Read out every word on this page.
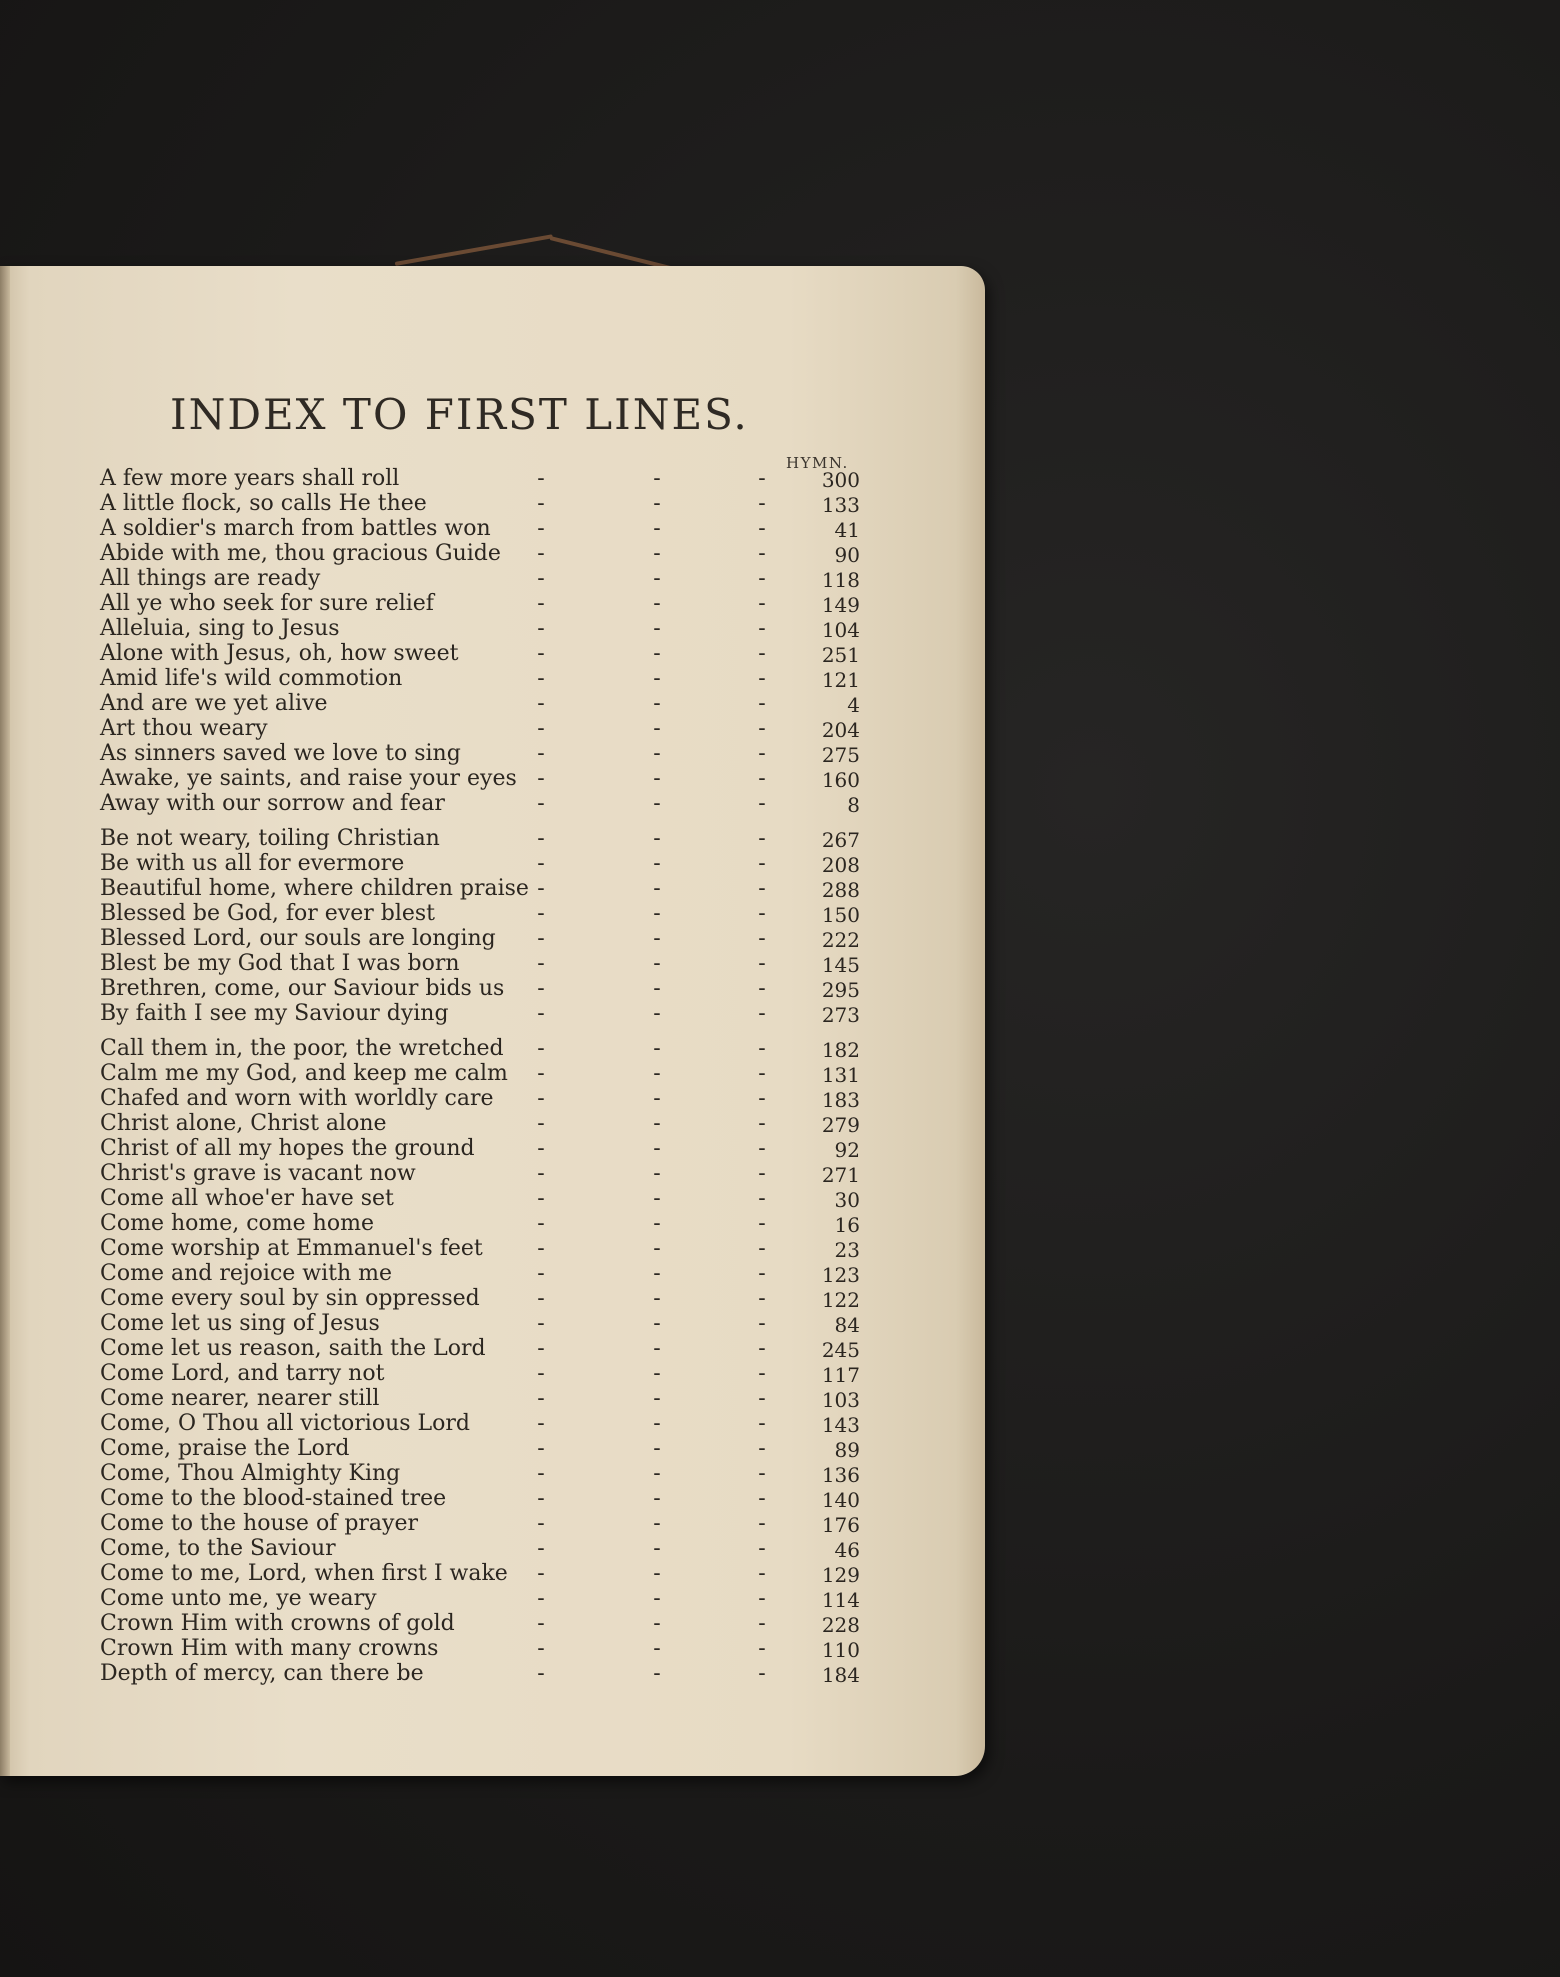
INDEX TO FIRST LINES.
HYMN.
A few more years shall roll	-	-	-	300
A little flock, so calls He thee	-	-	-	133
A soldier's march from battles won -	-	-	41
Abide with me, thou gracious Guide -	-	-	90
All things are ready	-	-	-	118
All ye who seek for sure relief	-	-	-	149
Alleluia, sing to Jesus	-	-	-	104
Alone with Jesus, oh, how sweet	-	-	-	251
Amid life's wild commotion	-	-	-	121
And are we yet alive	-	-	-	4
Art thou weary	-	-	-	204
As sinners saved we love to sing	-	-	-	275
Awake, ye saints, and raise your eyes -	-	-	160
Away with our sorrow and fear	-	-	-	8
Be not weary, toiling Christian	-	-	-	267
Be with us all for evermore	-	-	-	208
Beautiful home, where children praise -	-	-	288
Blessed be God, for ever blest	-	-	-	150
Blessed Lord, our souls are longing -	-	-	222
Blest be my God that I was born	-	-	-	145
Brethren, come, our Saviour bids us -	-	-	295
By faith I see my Saviour dying	-	-	-	273
Call them in, the poor, the wretched -	-	-	182
Calm me my God, and keep me calm -	-	-	131
Chafed and worn with worldly care -	-	-	183
Christ alone, Christ alone	-	-	-	279
Christ of all my hopes the ground	-	-	-	92
Christ's grave is vacant now	-	-	-	271
Come all whoe'er have set	-	-	-	30
Come home, come home	-	-	-	16
Come worship at Emmanuel's feet -	-	-	23
Come and rejoice with me	-	-	-	123
Come every soul by sin oppressed	-	-	-	122
Come let us sing of Jesus	-	-	-	84
Come let us reason, saith the Lord -	-	-	245
Come Lord, and tarry not	-	-	-	117
Come nearer, nearer still	-	-	-	103
Come, O Thou all victorious Lord	-	-	-	143
Come, praise the Lord	-	-	-	89
Come, Thou Almighty King	-	-	-	136
Come to the blood-stained tree	-	-	-	140
Come to the house of prayer	-	-	-	176
Come, to the Saviour	-	-	-	46
Come to me, Lord, when first I wake -	-	-	129
Come unto me, ye weary	-	-	-	114
Crown Him with crowns of gold	-	-	-	228
Crown Him with many crowns	-	-	-	110
Depth of mercy, can there be	-	-	-	184
